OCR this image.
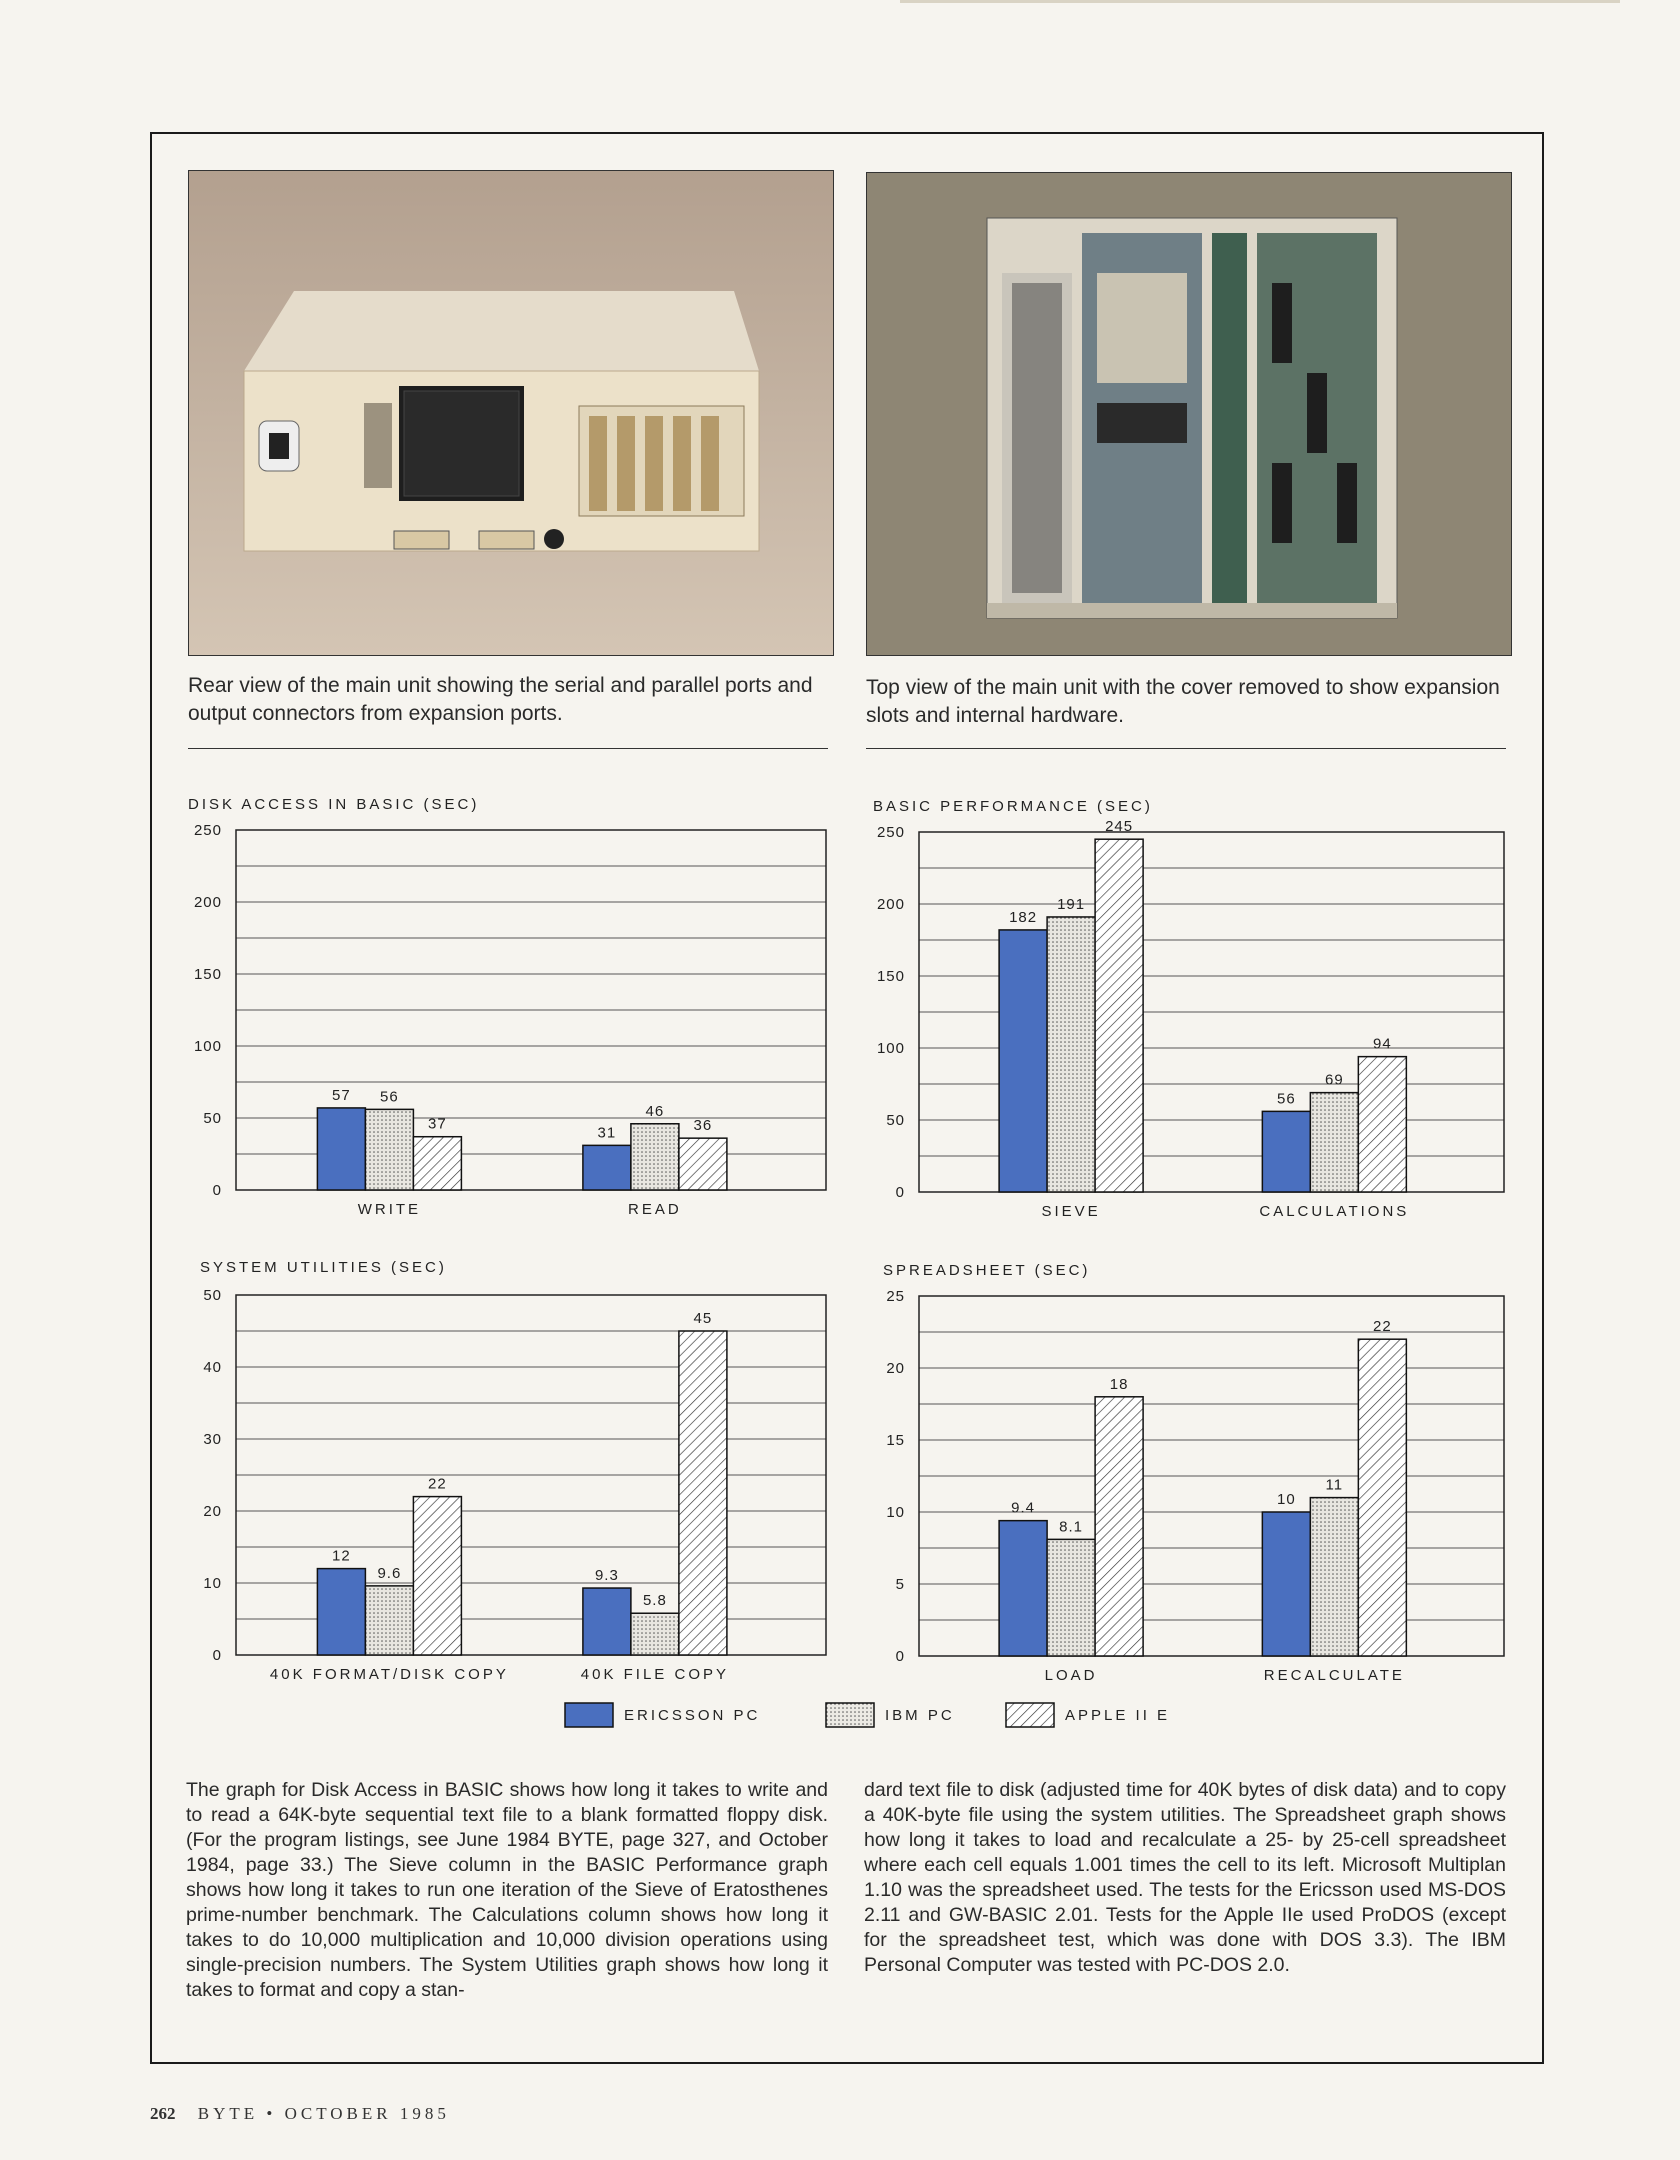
Rear view of the main unit showing the serial and parallel ports and output connectors from expansion ports.
Top view of the main unit with the cover removed to show expansion slots and internal hardware.
DISK ACCESS IN BASIC (SEC)
0
50
100
150
200
250
57 56
37
WRITE
31
46
36
READ
BASIC PERFORMANCE (SEC)
0
50
100
150
200
250
182
191
245
SIEVE
56
69
94
CALCULATIONS
SYSTEM UTILITIES (SEC)
0
10
20
30
40
50
12
9.6
22
40K FORMAT/DISK COPY
9.3
5.8
45
40K FILE COPY
SPREADSHEET (SEC)
0
5
10
15
20
25
9.4
8.1
18
LOAD
10
11
22
RECALCULATE
ERICSSON PC	IBM PC	APPLE II E
The graph for Disk Access in BASIC shows how long it takes to write and to read a 64K-byte sequential text file to a blank formatted floppy disk. (For the program listings, see June 1984 BYTE, page 327, and October 1984, page 33.) The Sieve column in the BASIC Performance graph shows how long it takes to run one iteration of the Sieve of Eratosthenes prime-number benchmark. The Calculations column shows how long it takes to do 10,000 multiplication and 10,000 division operations using single-precision numbers. The System Utilities graph shows how long it takes to format and copy a stan-
dard text file to disk (adjusted time for 40K bytes of disk data) and to copy a 40K-byte file using the system utilities. The Spreadsheet graph shows how long it takes to load and recalculate a 25- by 25-cell spreadsheet where each cell equals 1.001 times the cell to its left. Microsoft Multiplan 1.10 was the spreadsheet used. The tests for the Ericsson used MS-DOS 2.11 and GW-BASIC 2.01. Tests for the Apple IIe used ProDOS (except for the spreadsheet test, which was done with DOS 3.3). The IBM Personal Computer was tested with PC-DOS 2.0.
262 BYTE • OCTOBER 1985
